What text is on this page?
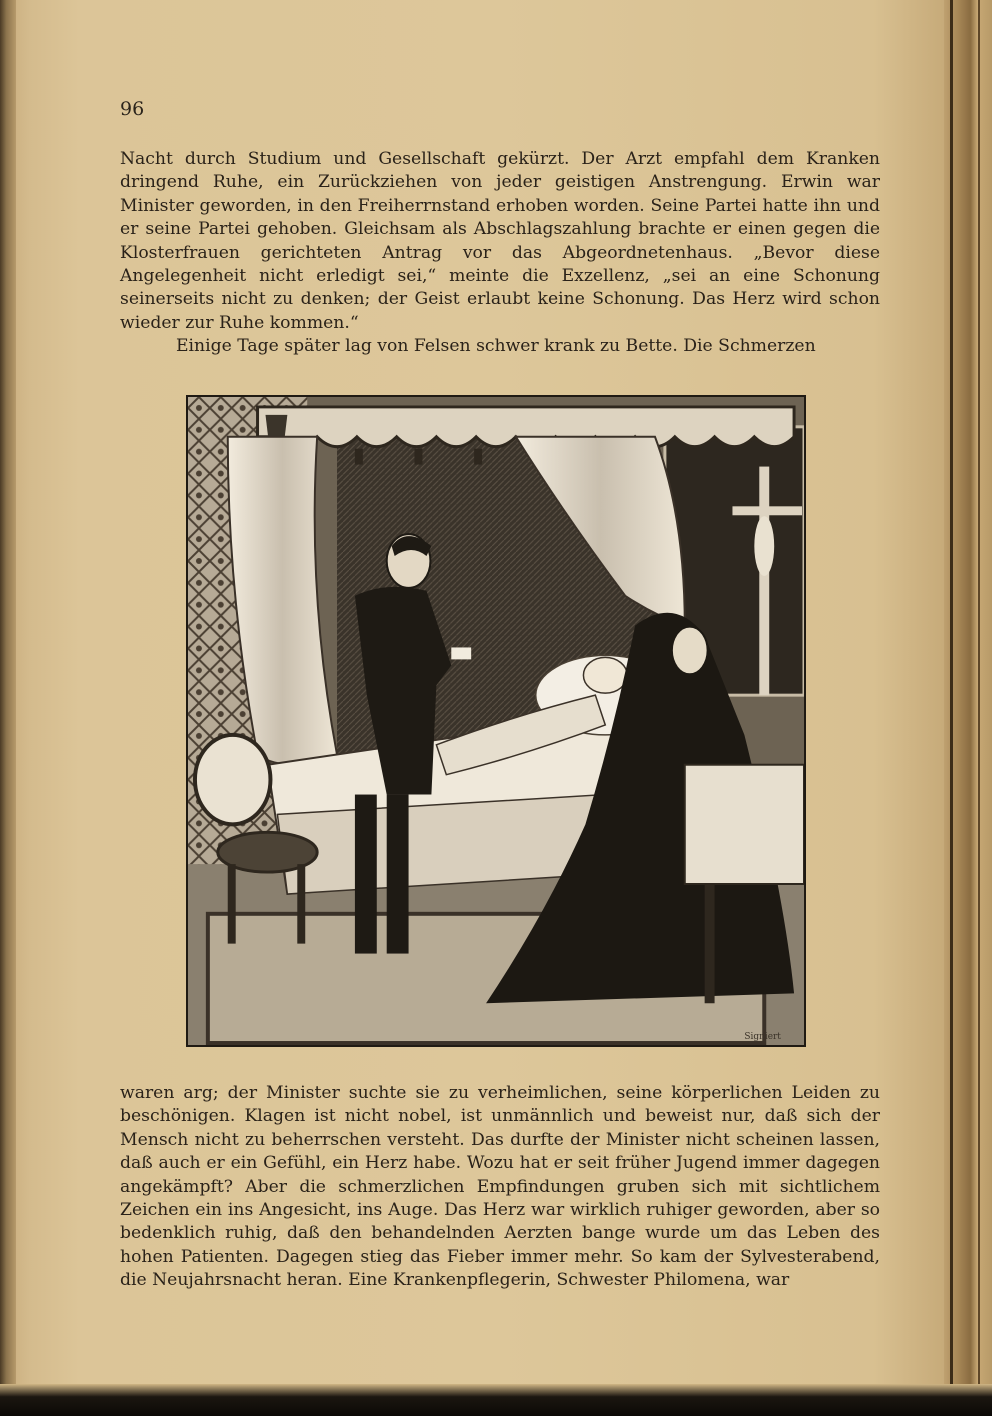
96

Nacht durch Studium und Gesellschaft gekürzt. Der Arzt empfahl dem Kranken dringend Ruhe, ein Zurückziehen von jeder geistigen Anstrengung. Erwin war Minister geworden, in den Freiherrnstand erhoben worden. Seine Partei hatte ihn und er seine Partei gehoben. Gleichsam als Abschlagszahlung brachte er einen gegen die Klosterfrauen gerichteten Antrag vor das Abgeordnetenhaus. „Bevor diese Angelegenheit nicht erledigt sei,“ meinte die Exzellenz, „sei an eine Schonung seinerseits nicht zu denken; der Geist erlaubt keine Schonung. Das Herz wird schon wieder zur Ruhe kommen.“

Einige Tage später lag von Felsen schwer krank zu Bette. Die Schmerzen

Signiert

waren arg; der Minister suchte sie zu verheimlichen, seine körperlichen Leiden zu beschönigen. Klagen ist nicht nobel, ist unmännlich und beweist nur, daß sich der Mensch nicht zu beherrschen versteht. Das durfte der Minister nicht scheinen lassen, daß auch er ein Gefühl, ein Herz habe. Wozu hat er seit früher Jugend immer dagegen angekämpft? Aber die schmerzlichen Empfindungen gruben sich mit sichtlichem Zeichen ein ins Angesicht, ins Auge. Das Herz war wirklich ruhiger geworden, aber so bedenklich ruhig, daß den behandelnden Aerzten bange wurde um das Leben des hohen Patienten. Dagegen stieg das Fieber immer mehr. So kam der Sylvesterabend, die Neujahrsnacht heran. Eine Krankenpflegerin, Schwester Philomena, war
